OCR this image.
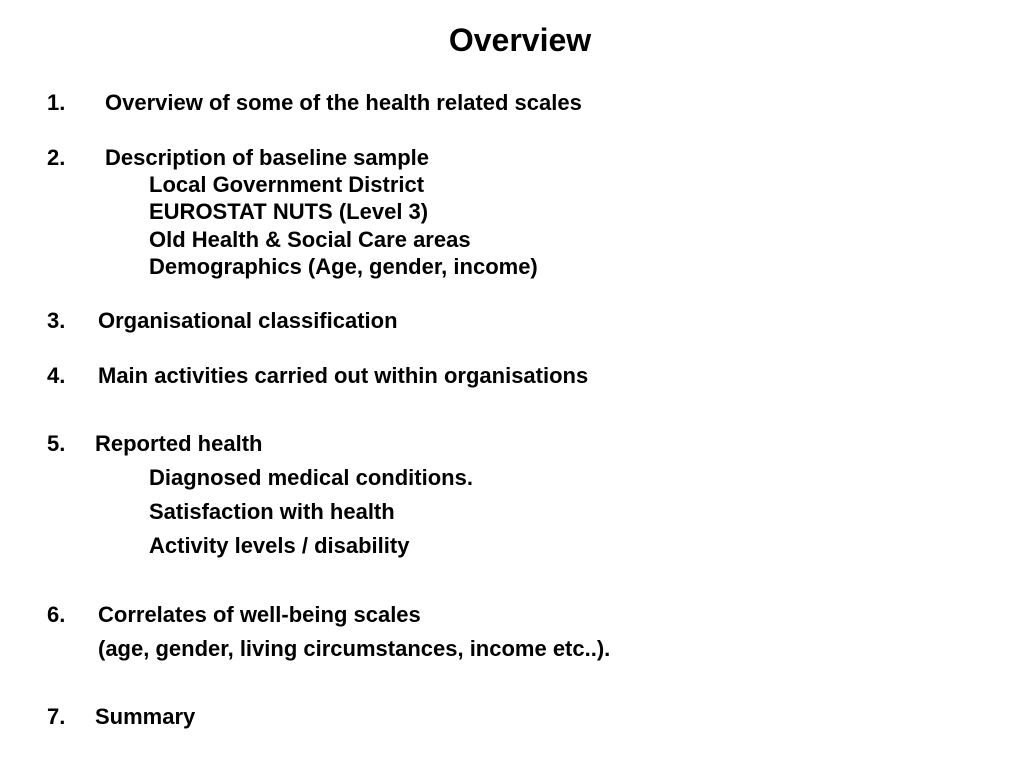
Overview
1. Overview of some of the health related scales
2. Description of baseline sample
Local Government District
EUROSTAT NUTS (Level 3)
Old Health & Social Care areas
Demographics (Age, gender, income)
3. Organisational classification
4. Main activities carried out within organisations
5. Reported health
Diagnosed medical conditions.
Satisfaction with health
Activity levels / disability
6. Correlates of well-being scales
(age, gender, living circumstances, income etc..).
7. Summary
